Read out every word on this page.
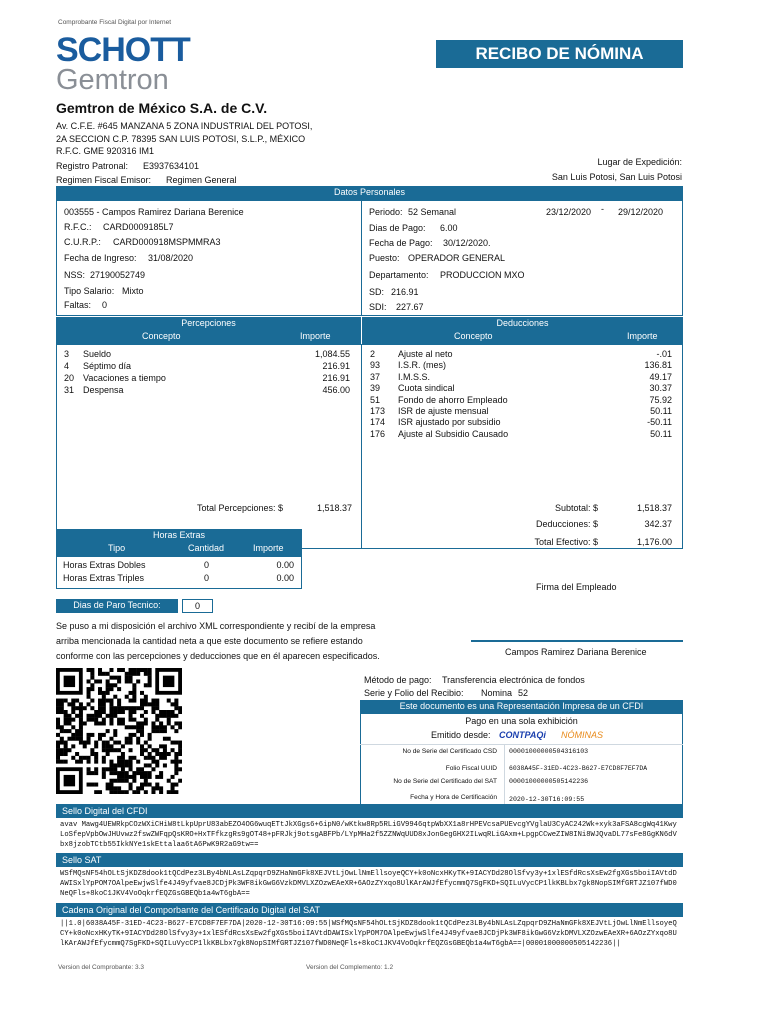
Comprobante Fiscal Digital por Internet
SCHOTT
Gemtron
RECIBO DE NÓMINA
Gemtron de México S.A. de C.V.
Av. C.F.E. #645 MANZANA 5 ZONA INDUSTRIAL DEL POTOSI,
2A SECCION C.P. 78395 SAN LUIS POTOSI, S.L.P., MÉXICO
R.F.C. GME 920316 IM1
Registro Patronal: E3937634101
Regimen Fiscal Emisor: Regimen General
Lugar de Expedición:
San Luis Potosi, San Luis Potosi
Datos Personales
003555 - Campos Ramirez Dariana Berenice
R.F.C.: CARD0009185L7
C.U.R.P.: CARD000918MSPMMRA3
Fecha de Ingreso: 31/08/2020
NSS: 27190052749
Tipo Salario: Mixto
Faltas: 0
Periodo: 52 Semanal	23/12/2020 - 29/12/2020
Dias de Pago: 6.00
Fecha de Pago: 30/12/2020.
Puesto: OPERADOR GENERAL
Departamento: PRODUCCION MXO
SD: 216.91
SDI: 227.67
Percepciones	Deducciones
Concepto	Importe	Concepto	Importe
3 Sueldo	1,084.55
4 Séptimo día	216.91
20 Vacaciones a tiempo	216.91
31 Despensa	456.00
2	Ajuste al neto	-.01
93 I.S.R. (mes)	136.81
37 I.M.S.S.	49.17
39 Cuota sindical	30.37
51 Fondo de ahorro Empleado	75.92
173 ISR de ajuste mensual	50.11
174 ISR ajustado por subsidio	-50.11
176 Ajuste al Subsidio Causado	50.11
Total Percepciones: $	1,518.37	Subtotal: $	1,518.37
Deducciones: $	342.37
Total Efectivo: $	1,176.00
Horas Extras
Tipo	Cantidad	Importe
Horas Extras Dobles	0	0.00
Horas Extras Triples	0	0.00
Firma del Empleado
Dias de Paro Tecnico:	0
Se puso a mi disposición el archivo XML correspondiente y recibí de la empresa
arriba mencionada la cantidad neta a que este documento se refiere estando
conforme con las percepciones y deducciones que en él aparecen especificados.	Campos Ramirez Dariana Berenice
Método de pago: Transferencia electrónica de fondos
Serie y Folio del Recibio: Nomina 52
Este documento es una Representación Impresa de un CFDI
Pago en una sola exhibición
Emitido desde: CONTPAQi NÓMINAS
No de Serie del Certificado CSD 00001000000504316103
Folio Fiscal UUID 6038A45F-31ED-4C23-B627-E7CD8F7EF7DA
No de Serie del Certificado del SAT 00001000000505142236
Fecha y Hora de Certificación 2020-12-30T16:09:55
Sello Digital del CFDI
avav Mawg4UEWRkpCOzWXiCHiW8tLkpUprU83abEZO4OG6wuqETtJkXGgs6+6ipN0/wKtkw8Rp5RLiGV9946qtpWbXX1a8rHPEVcsaPUEvcgYVglaU3CyAC242Wk+xyk3aFSA8cgWq41KwyLoSfepVpbOwJHUvwz2fswZWFqpQsKRO+HxTFfkzgRs9gOT48+pFRJkj9otsgABFPb/LYpMHa2f5ZZNWqUUD8xJonGegGHX2ILwqRLiGAxm+LpgpCCweZIW8INi8WJQvaDL77sFe8GgKN6dVbx8jzobTCtb55IkkNYe1skEttalaa6tA6PwK9R2aG9tw==
Sello SAT
WSfMQsNF54hOLtSjKDZ8dook1tQCdPez3LBy4bNLAsLZqpqrD9ZHaNmGFk8XEJVtLjOwLlNmEllsoyeQCY+k0oNcxHKyTK+9IACYDd28OlSfvy3y+1xlESfdRcsXsEw2fgXGs5boiIAVtdDAWISxlYpPOM7OAlpeEwjwSlfe4J49yfvae8JCDjPk3WF8ikGwG6VzkDMVLXZOzwEAeXR+6AOzZYxqo8UlKArAWJfEfycmmQ7SgFKD+SQILuVycCP1lkKBLbx7gk8NopSIMfGRTJZ107fWD0NeQFls+8koC1JKV4VoOqkrfEQZGsGBEQb1a4wT6gbA==
Cadena Original del Comporbante del Certificado Digital del SAT
||1.0|6038A45F-31ED-4C23-B627-E7CD8F7EF7DA|2020-12-30T16:09:55|WSfMQsNF54hOLtSjKDZ8dook1tQCdPez3LBy4bNLAsLZqpqrD9ZHaNmGFk8XEJVtLjOwLlNmEllsoyeQCY+k0oNcxHKyTK+9IACYDd28OlSfvy3y+1xlESfdRcsXsEw2fgXGs5boiIAVtdDAWISxlYpPOM7OAlpeEwjwSlfe4J49yfvae8JCDjPk3WF8ikGwG6VzkDMVLXZOzwEAeXR+6AOzZYxqo8UlKArAWJfEfycmmQ7SgFKD+SQILuVycCP1lkKBLbx7gk8NopSIMfGRTJZ107fWD0NeQFls+8koC1JKV4VoOqkrfEQZGsGBEQb1a4wT6gbA==|00001000000505142236||
Version del Comprobante: 3.3	Version del Complemento: 1.2
